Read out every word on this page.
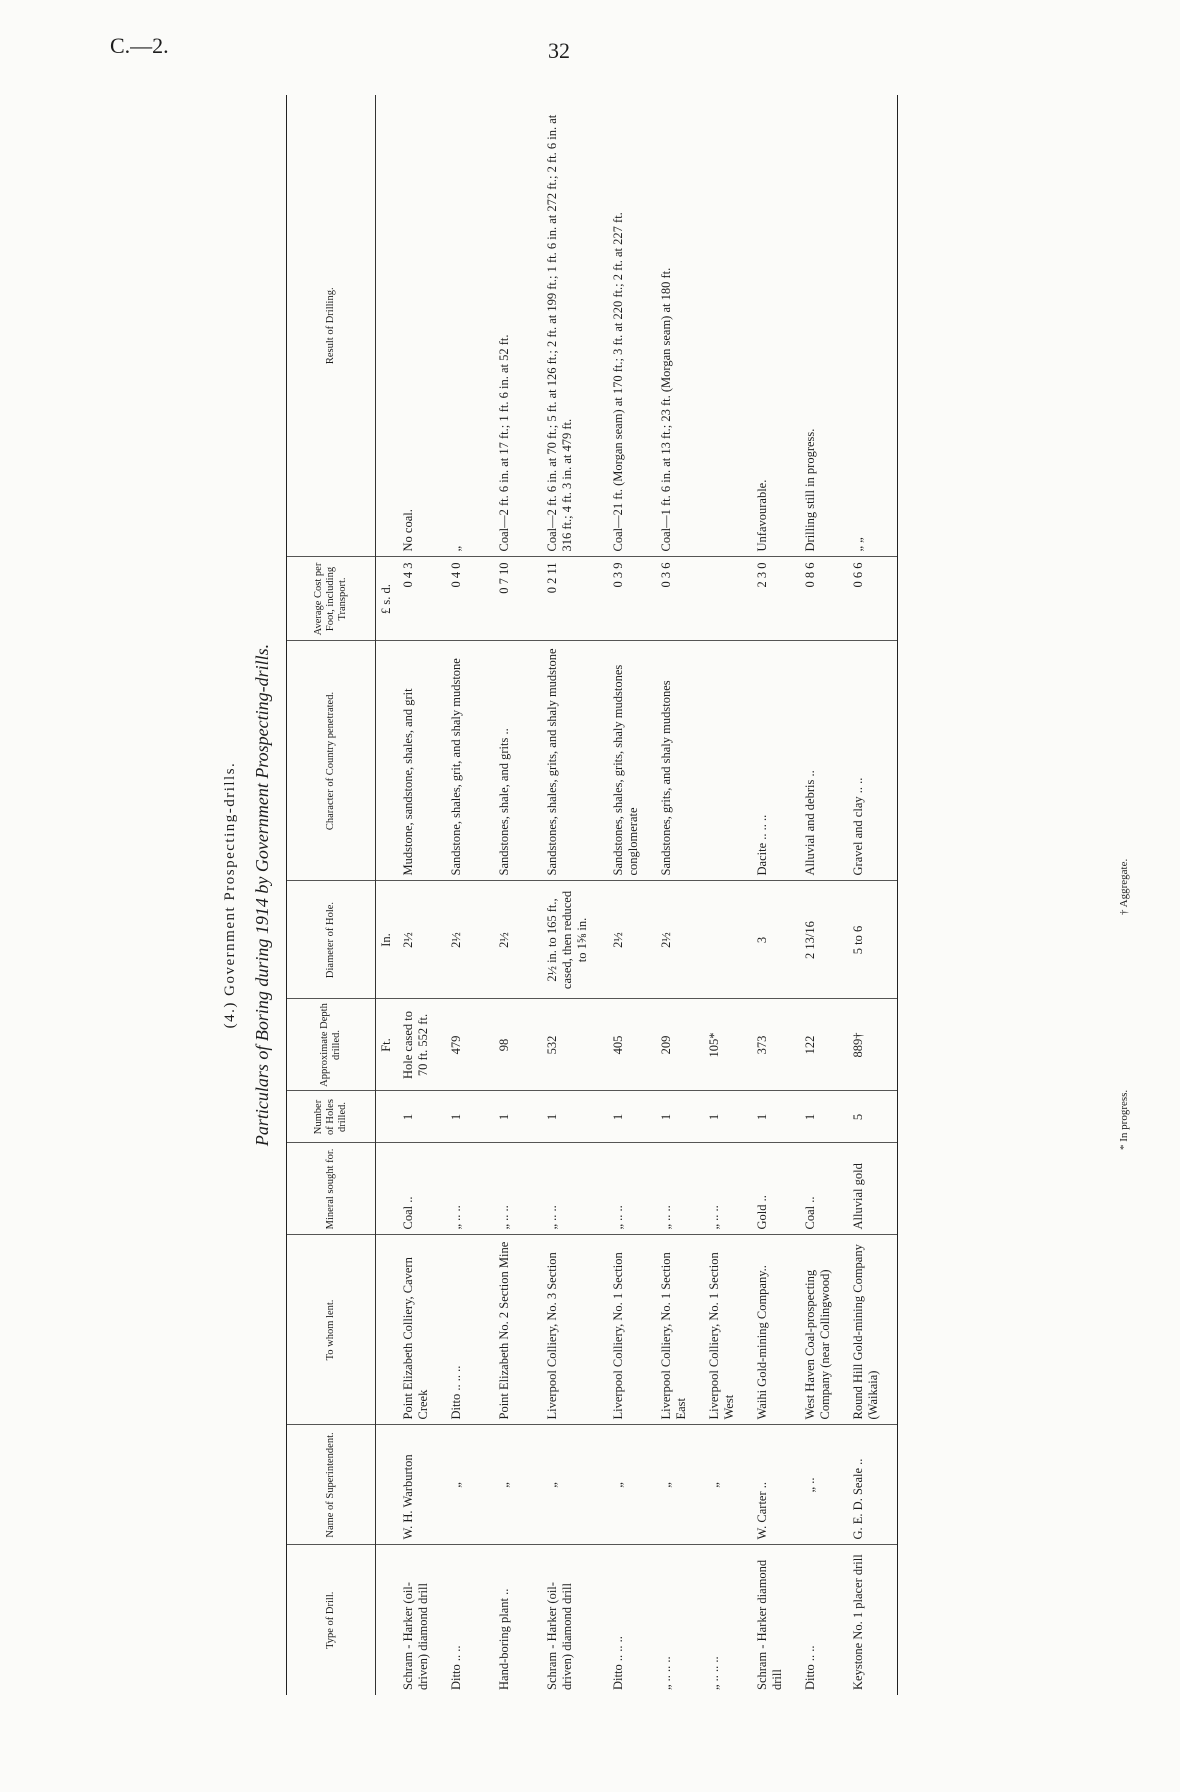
C.—2.	32
(4.) Government Prospecting-drills. Particulars of Boring during 1914 by Government Prospecting-drills.
Type of Drill.	Name of Superintendent.	To whom lent.	Mineral sought for.	Number of Holes drilled.	Approximate Depth drilled.	Diameter of Hole.	Character of Country penetrated.	Average Cost per Foot, including Transport.	Result of Drilling.
					Ft.	In.		£ s. d.	
Schram - Harker (oil-driven) diamond drill	W. H. Warburton	Point Elizabeth Colliery, Cavern Creek	Coal ..	1	Hole cased to 70 ft. 552 ft.	2½	Mudstone, sandstone, shales, and grit	0 4 3	No coal.
Ditto .. ..	„	Ditto .. .. ..	„ .. ..	1	479	2½	Sandstone, shales, grit, and shaly mudstone	0 4 0	„
Hand-boring plant ..	„	Point Elizabeth No. 2 Section Mine	„ .. ..	1	98	2½	Sandstones, shale, and grits ..	0 7 10	Coal—2 ft. 6 in. at 17 ft.; 1 ft. 6 in. at 52 ft.
Schram - Harker (oil-driven) diamond drill	„	Liverpool Colliery, No. 3 Section	„ .. ..	1	532	2½ in. to 165 ft., cased, then reduced to 1⅝ in.	Sandstones, shales, grits, and shaly mudstone	0 2 11	Coal—2 ft. 6 in. at 70 ft.; 5 ft. at 126 ft.; 2 ft. at 199 ft.; 1 ft. 6 in. at 272 ft.; 2 ft. 6 in. at 316 ft.; 4 ft. 3 in. at 479 ft.
Ditto .. .. ..	„	Liverpool Colliery, No. 1 Section	„ .. ..	1	405	2½	Sandstones, shales, grits, shaly mudstones conglomerate	0 3 9	Coal—21 ft. (Morgan seam) at 170 ft.; 3 ft. at 220 ft.; 2 ft. at 227 ft.
„ .. .. ..	„	Liverpool Colliery, No. 1 Section East	„ .. ..	1	209	2½	Sandstones, grits, and shaly mudstones	0 3 6	Coal—1 ft. 6 in. at 13 ft.; 23 ft. (Morgan seam) at 180 ft.
„ .. .. ..	„	Liverpool Colliery, No. 1 Section West	„ .. ..	1	105*				
Schram - Harker diamond drill	W. Carter ..	Waihi Gold-mining Company..	Gold ..	1	373	3	Dacite .. .. ..	2 3 0	Unfavourable.
Ditto .. ..	„ ..	West Haven Coal-prospecting Company (near Collingwood)	Coal ..	1	122	2 13/16	Alluvial and debris ..	0 8 6	Drilling still in progress.
Keystone No. 1 placer drill	G. E. D. Seale ..	Round Hill Gold-mining Company (Waikaia)	Alluvial gold	5	889†	5 to 6	Gravel and clay .. ..	0 6 6	„ „
* In progress.
† Aggregate.
